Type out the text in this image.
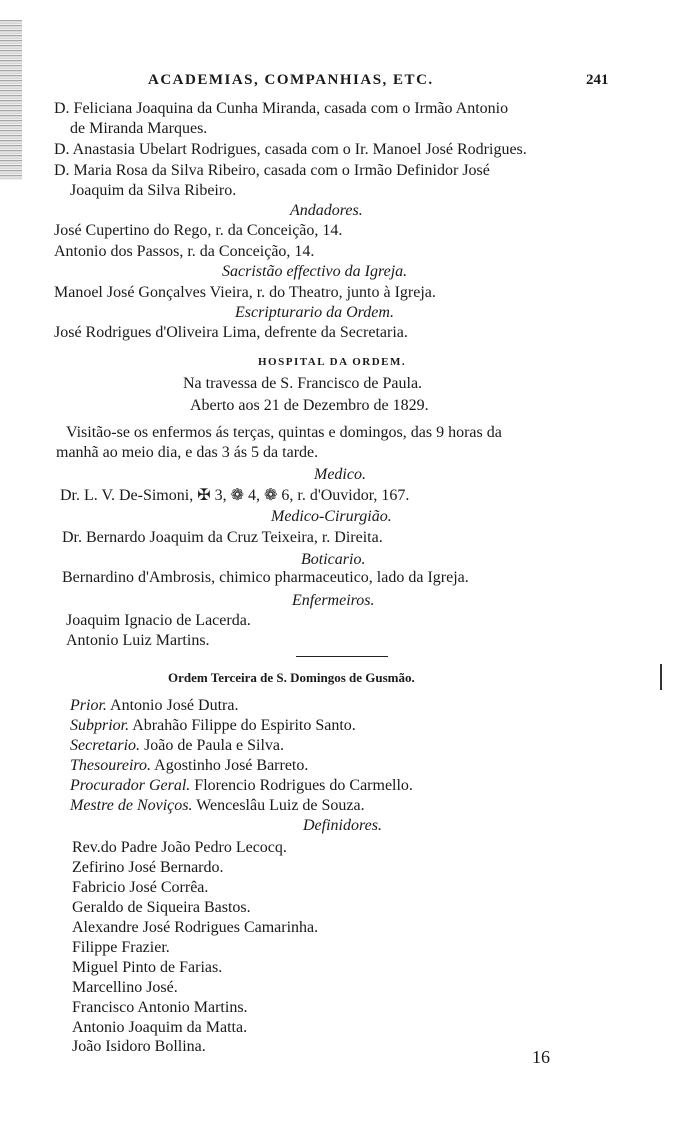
ACADEMIAS, COMPANHIAS, ETC.	241
D. Feliciana Joaquina da Cunha Miranda, casada com o Irmão Antonio
de Miranda Marques.
D. Anastasia Ubelart Rodrigues, casada com o Ir. Manoel José Rodrigues.
D. Maria Rosa da Silva Ribeiro, casada com o Irmão Definidor José
Joaquim da Silva Ribeiro.
Andadores.
José Cupertino do Rego, r. da Conceição, 14.
Antonio dos Passos, r. da Conceição, 14.
Sacristão effectivo da Igreja.
Manoel José Gonçalves Vieira, r. do Theatro, junto à Igreja.
Escripturario da Ordem.
José Rodrigues d'Oliveira Lima, defrente da Secretaria.
HOSPITAL DA ORDEM.
Na travessa de S. Francisco de Paula.
Aberto aos 21 de Dezembro de 1829.
Visitão-se os enfermos ás terças, quintas e domingos, das 9 horas da
manhã ao meio dia, e das 3 ás 5 da tarde.
Medico.
Dr. L. V. De-Simoni, ✠ 3, ❁ 4, ❁ 6, r. d'Ouvidor, 167.
Medico-Cirurgião.
Dr. Bernardo Joaquim da Cruz Teixeira, r. Direita.
Boticario.
Bernardino d'Ambrosis, chimico pharmaceutico, lado da Igreja.
Enfermeiros.
Joaquim Ignacio de Lacerda.
Antonio Luiz Martins.
Ordem Terceira de S. Domingos de Gusmão.
Prior. Antonio José Dutra.
Subprior. Abrahão Filippe do Espirito Santo.
Secretario. João de Paula e Silva.
Thesoureiro. Agostinho José Barreto.
Procurador Geral. Florencio Rodrigues do Carmello.
Mestre de Noviços. Wenceslâu Luiz de Souza.
Definidores.
Rev.do Padre João Pedro Lecocq.
Zefirino José Bernardo.
Fabricio José Corrêa.
Geraldo de Siqueira Bastos.
Alexandre José Rodrigues Camarinha.
Filippe Frazier.
Miguel Pinto de Farias.
Marcellino José.
Francisco Antonio Martins.
Antonio Joaquim da Matta.
João Isidoro Bollina.
16
